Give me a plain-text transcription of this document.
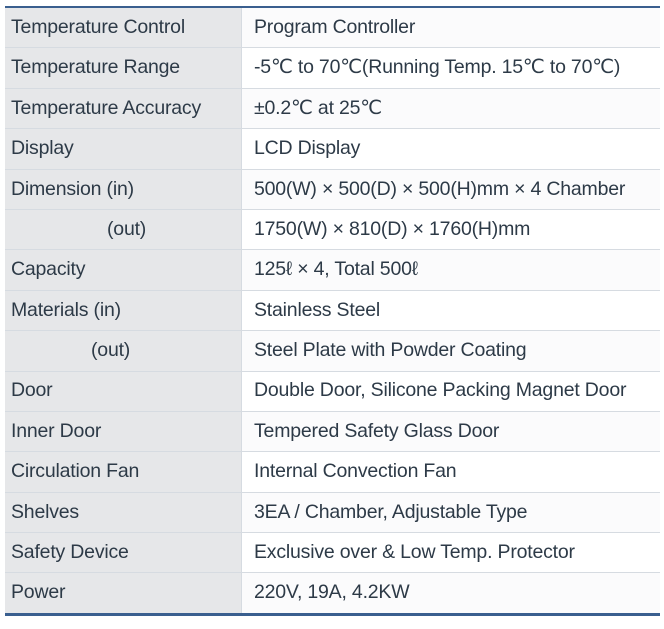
Temperature Control	Program Controller
Temperature Range	-5℃ to 70℃(Running Temp. 15℃ to 70℃)
Temperature Accuracy	±0.2℃ at 25℃
Display	LCD Display
Dimension (in)	500(W) × 500(D) × 500(H)mm × 4 Chamber
(out)	1750(W) × 810(D) × 1760(H)mm
Capacity	125ℓ × 4, Total 500ℓ
Materials (in)	Stainless Steel
(out)	Steel Plate with Powder Coating
Door	Double Door, Silicone Packing Magnet Door
Inner Door	Tempered Safety Glass Door
Circulation Fan	Internal Convection Fan
Shelves	3EA / Chamber, Adjustable Type
Safety Device	Exclusive over & Low Temp. Protector
Power	220V, 19A, 4.2KW
